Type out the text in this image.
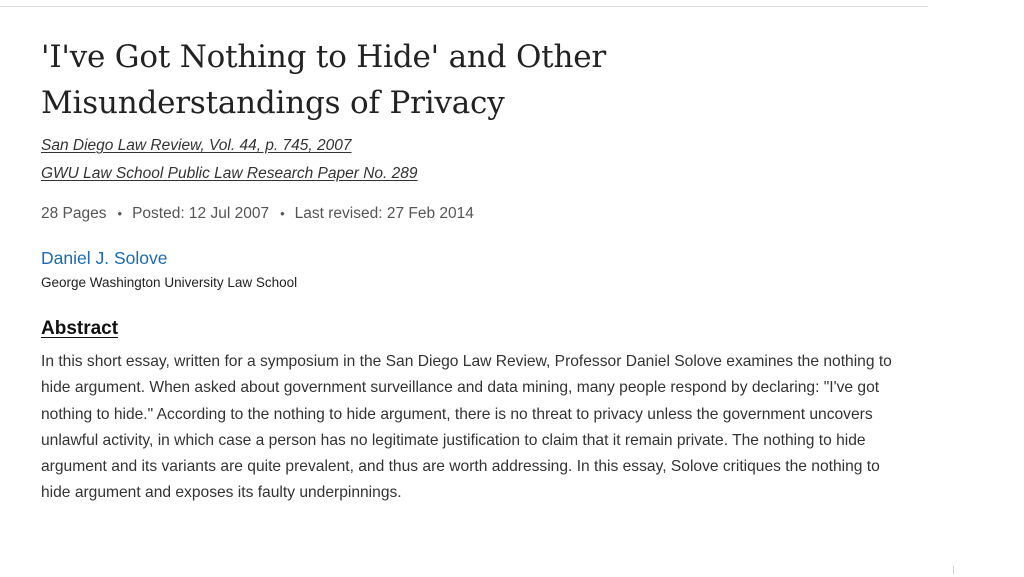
'I've Got Nothing to Hide' and Other Misunderstandings of Privacy
San Diego Law Review, Vol. 44, p. 745, 2007
GWU Law School Public Law Research Paper No. 289
28 Pages • Posted: 12 Jul 2007 • Last revised: 27 Feb 2014
Daniel J. Solove
George Washington University Law School
Abstract

In this short essay, written for a symposium in the San Diego Law Review, Professor Daniel Solove examines the nothing to hide argument. When asked about government surveillance and data mining, many people respond by declaring: "I've got nothing to hide." According to the nothing to hide argument, there is no threat to privacy unless the government uncovers unlawful activity, in which case a person has no legitimate justification to claim that it remain private. The nothing to hide argument and its variants are quite prevalent, and thus are worth addressing. In this essay, Solove critiques the nothing to hide argument and exposes its faulty underpinnings.
